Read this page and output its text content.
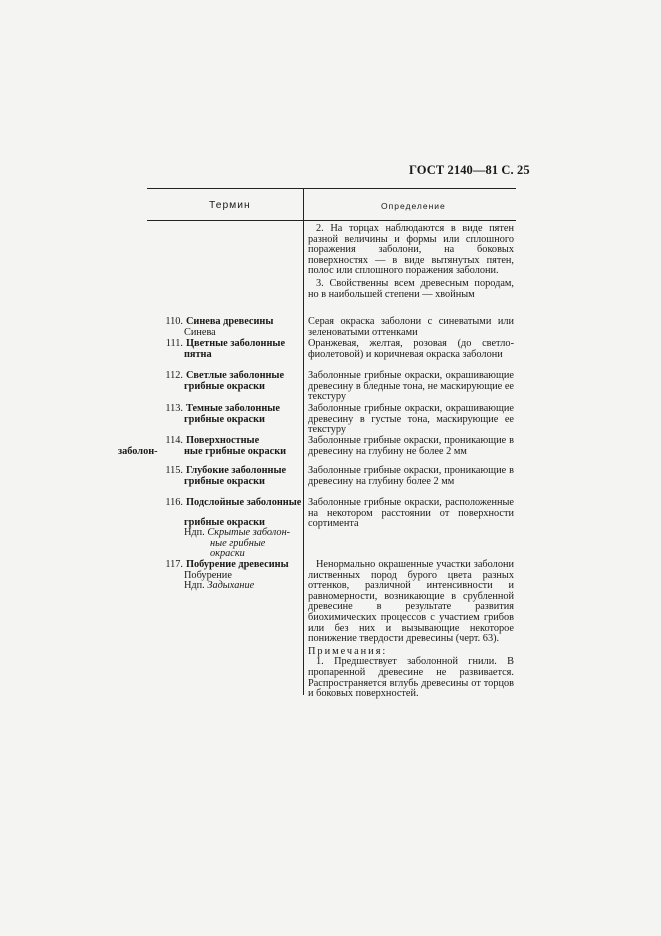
ГОСТ 2140—81 С. 25
Термин	Определение

2. На торцах наблюдаются в виде пятен разной величины и формы или сплошного поражения заболони, на боковых поверхностях — в виде вытянутых пятен, полос или сплошного поражения заболони.

3. Свойственны всем древесным породам, но в наибольшей степени — хвойным

110. Синева древесины
Синева

Серая окраска заболони с синеватыми или зеленоватыми оттенками

111. Цветные заболонные
пятна

Оранжевая, желтая, розовая (до светло-фиолетовой) и коричневая окраска заболони

112. Светлые заболонные
грибные окраски

Заболонные грибные окраски, окрашивающие древесину в бледные тона, не маскирующие ее текстуру

113. Темные заболонные
грибные окраски

Заболонные грибные окраски, окрашивающие древесину в густые тона, маскирующие ее текстуру

114. Поверхностные
заболон-	ные грибные окраски

Заболонные грибные окраски, проникающие в древесину на глубину не более 2 мм

115. Глубокие заболонные
грибные окраски

Заболонные грибные окраски, проникающие в древесину на глубину более 2 мм

116. Подслойные заболонные
грибные окраски
Ндп. Скрытые заболон-
ные грибные
окраски

Заболонные грибные окраски, расположенные на некотором расстоянии от поверхности сортимента

117. Побурение древесины
Побурение
Ндп. Задыхание

Ненормально окрашенные участки заболони лиственных пород бурого цвета разных оттенков, различной интенсивности и равномерности, возникающие в срубленной древесине в результате развития биохимических процессов с участием грибов или без них и вызывающие некоторое понижение твердости древесины (черт. 63).

Примечания:

1. Предшествует заболонной гнили. В пропаренной древесине не развивается. Распространяется вглубь древесины от торцов и боковых поверхностей.
